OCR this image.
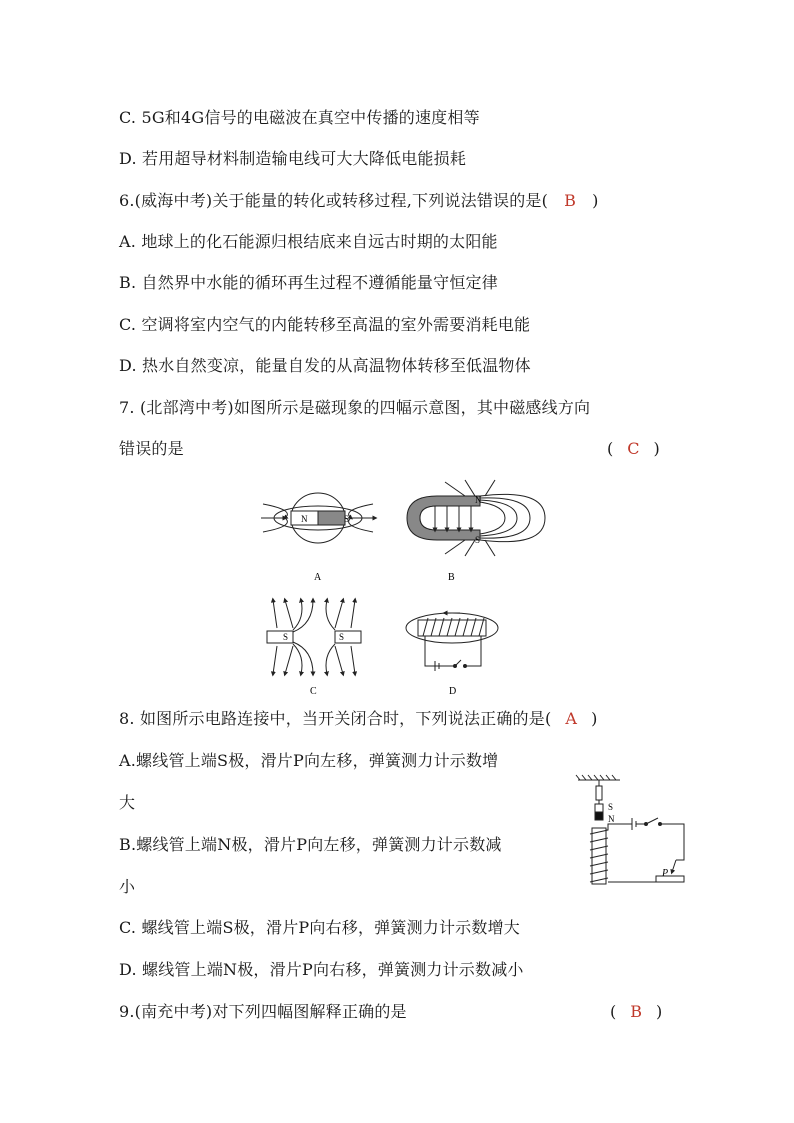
C. 5G和4G信号的电磁波在真空中传播的速度相等
D. 若用超导材料制造输电线可大大降低电能损耗
6.(威海中考)关于能量的转化或转移过程,下列说法错误的是( B )
A. 地球上的化石能源归根结底来自远古时期的太阳能
B. 自然界中水能的循环再生过程不遵循能量守恒定律
C. 空调将室内空气的内能转移至高温的室外需要消耗电能
D. 热水自然变凉，能量自发的从高温物体转移至低温物体
7. (北部湾中考)如图所示是磁现象的四幅示意图，其中磁感线方向
错误的是	( C )
N	S
A
N
S
B
S	S
C	D
8. 如图所示电路连接中，当开关闭合时，下列说法正确的是( A )
A.螺线管上端S极，滑片P向左移，弹簧测力计示数增
大
B.螺线管上端N极，滑片P向左移，弹簧测力计示数减
小
C. 螺线管上端S极，滑片P向右移，弹簧测力计示数增大
D. 螺线管上端N极，滑片P向右移，弹簧测力计示数减小
S
N
P
9.(南充中考)对下列四幅图解释正确的是	( B )
